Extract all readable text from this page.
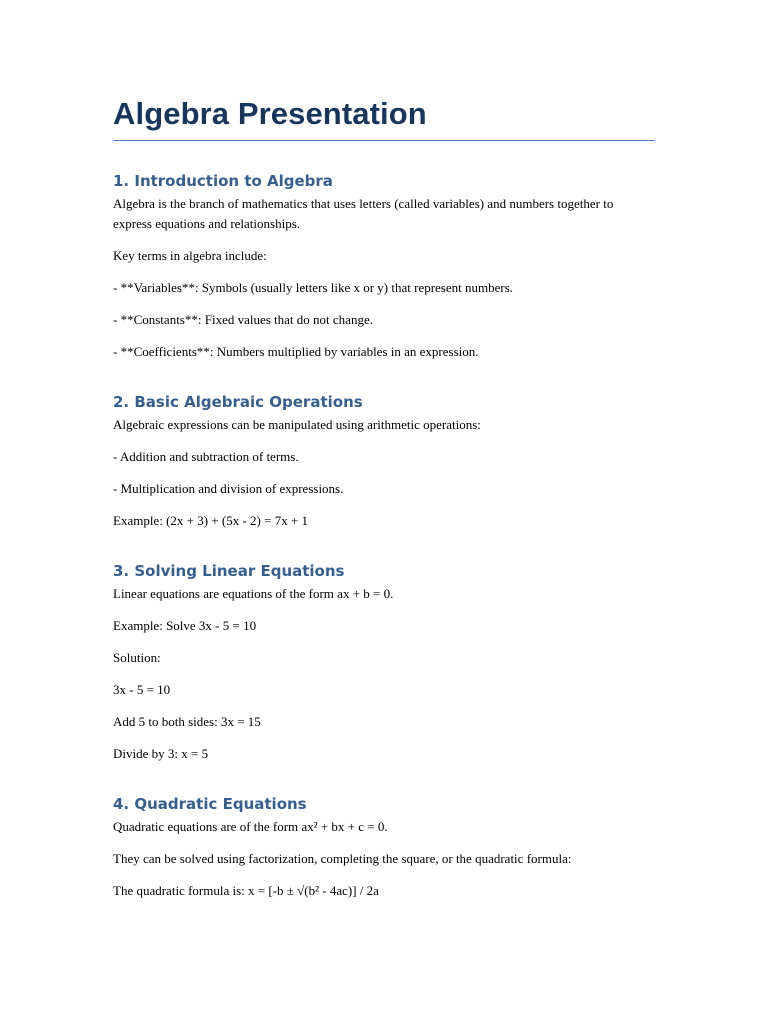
Algebra Presentation
1. Introduction to Algebra

Algebra is the branch of mathematics that uses letters (called variables) and numbers together to express equations and relationships.

Key terms in algebra include:

- **Variables**: Symbols (usually letters like x or y) that represent numbers.

- **Constants**: Fixed values that do not change.

- **Coefficients**: Numbers multiplied by variables in an expression.

2. Basic Algebraic Operations

Algebraic expressions can be manipulated using arithmetic operations:

- Addition and subtraction of terms.

- Multiplication and division of expressions.

Example: (2x + 3) + (5x - 2) = 7x + 1

3. Solving Linear Equations

Linear equations are equations of the form ax + b = 0.

Example: Solve 3x - 5 = 10

Solution:

3x - 5 = 10

Add 5 to both sides: 3x = 15

Divide by 3: x = 5

4. Quadratic Equations

Quadratic equations are of the form ax² + bx + c = 0.

They can be solved using factorization, completing the square, or the quadratic formula:

The quadratic formula is: x = [-b ± √(b² - 4ac)] / 2a
